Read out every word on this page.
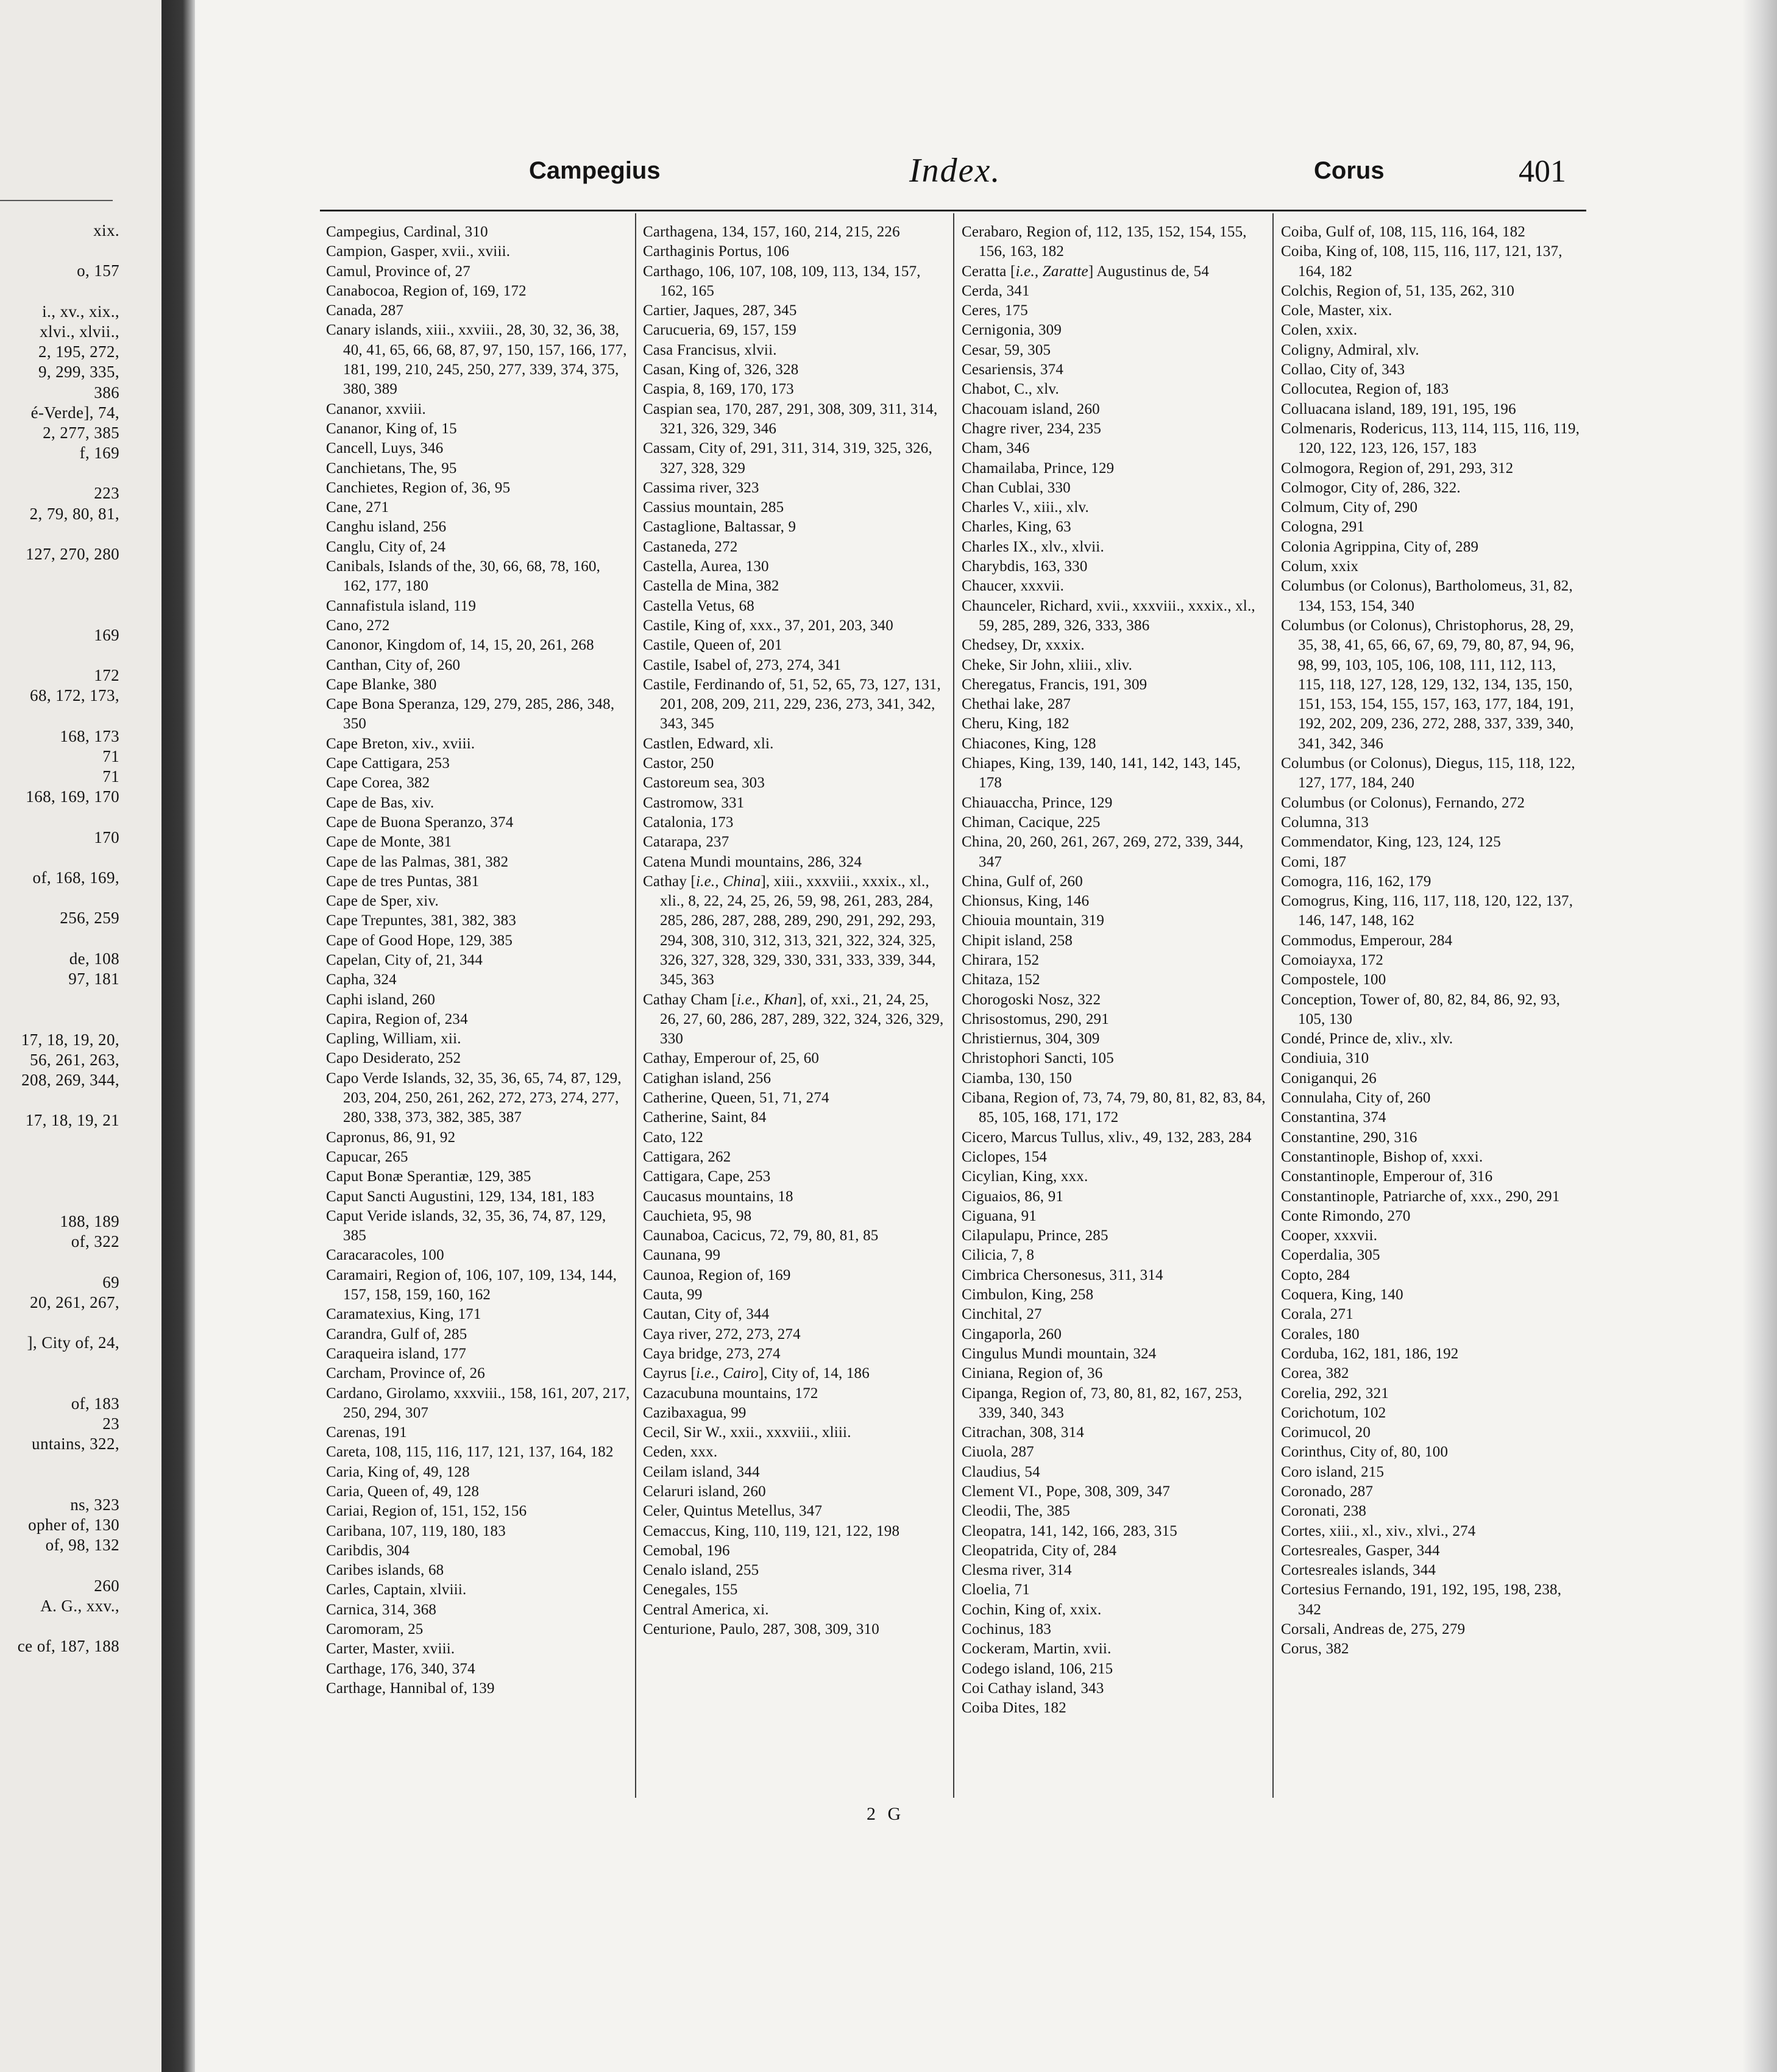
xix.

o, 157

i., xv., xix.,
xlvi., xlvii.,
2, 195, 272,
9, 299, 335,
386
é-Verde], 74,
2, 277, 385
f, 169

223
2, 79, 80, 81,

127, 270, 280

169

172
68, 172, 173,

168, 173
71
71
168, 169, 170

170

of, 168, 169,

256, 259

de, 108
97, 181

17, 18, 19, 20,
56, 261, 263,
208, 269, 344,

17, 18, 19, 21

188, 189
of, 322

69
20, 261, 267,

], City of, 24,

of, 183
23
untains, 322,

ns, 323
opher of, 130
of, 98, 132

260
A. G., xxv.,

ce of, 187, 188
Campegius	Index.	Corus	401

Campegius, Cardinal, 310

Campion, Gasper, xvii., xviii.

Camul, Province of, 27

Canabocoa, Region of, 169, 172

Canada, 287

Canary islands, xiii., xxviii., 28, 30, 32, 36, 38, 40, 41, 65, 66, 68, 87, 97, 150, 157, 166, 177, 181, 199, 210, 245, 250, 277, 339, 374, 375, 380, 389

Cananor, xxviii.

Cananor, King of, 15

Cancell, Luys, 346

Canchietans, The, 95

Canchietes, Region of, 36, 95

Cane, 271

Canghu island, 256

Canglu, City of, 24

Canibals, Islands of the, 30, 66, 68, 78, 160, 162, 177, 180

Cannafistula island, 119

Cano, 272

Canonor, Kingdom of, 14, 15, 20, 261, 268

Canthan, City of, 260

Cape Blanke, 380

Cape Bona Speranza, 129, 279, 285, 286, 348, 350

Cape Breton, xiv., xviii.

Cape Cattigara, 253

Cape Corea, 382

Cape de Bas, xiv.

Cape de Buona Speranzo, 374

Cape de Monte, 381

Cape de las Palmas, 381, 382

Cape de tres Puntas, 381

Cape de Sper, xiv.

Cape Trepuntes, 381, 382, 383

Cape of Good Hope, 129, 385

Capelan, City of, 21, 344

Capha, 324

Caphi island, 260

Capira, Region of, 234

Capling, William, xii.

Capo Desiderato, 252

Capo Verde Islands, 32, 35, 36, 65, 74, 87, 129, 203, 204, 250, 261, 262, 272, 273, 274, 277, 280, 338, 373, 382, 385, 387

Capronus, 86, 91, 92

Capucar, 265

Caput Bonæ Sperantiæ, 129, 385

Caput Sancti Augustini, 129, 134, 181, 183

Caput Veride islands, 32, 35, 36, 74, 87, 129, 385

Caracaracoles, 100

Caramairi, Region of, 106, 107, 109, 134, 144, 157, 158, 159, 160, 162

Caramatexius, King, 171

Carandra, Gulf of, 285

Caraqueira island, 177

Carcham, Province of, 26

Cardano, Girolamo, xxxviii., 158, 161, 207, 217, 250, 294, 307

Carenas, 191

Careta, 108, 115, 116, 117, 121, 137, 164, 182

Caria, King of, 49, 128

Caria, Queen of, 49, 128

Cariai, Region of, 151, 152, 156

Caribana, 107, 119, 180, 183

Caribdis, 304

Caribes islands, 68

Carles, Captain, xlviii.

Carnica, 314, 368

Caromoram, 25

Carter, Master, xviii.

Carthage, 176, 340, 374

Carthage, Hannibal of, 139

Carthagena, 134, 157, 160, 214, 215, 226

Carthaginis Portus, 106

Carthago, 106, 107, 108, 109, 113, 134, 157, 162, 165

Cartier, Jaques, 287, 345

Carucueria, 69, 157, 159

Casa Francisus, xlvii.

Casan, King of, 326, 328

Caspia, 8, 169, 170, 173

Caspian sea, 170, 287, 291, 308, 309, 311, 314, 321, 326, 329, 346

Cassam, City of, 291, 311, 314, 319, 325, 326, 327, 328, 329

Cassima river, 323

Cassius mountain, 285

Castaglione, Baltassar, 9

Castaneda, 272

Castella, Aurea, 130

Castella de Mina, 382

Castella Vetus, 68

Castile, King of, xxx., 37, 201, 203, 340

Castile, Queen of, 201

Castile, Isabel of, 273, 274, 341

Castile, Ferdinando of, 51, 52, 65, 73, 127, 131, 201, 208, 209, 211, 229, 236, 273, 341, 342, 343, 345

Castlen, Edward, xli.

Castor, 250

Castoreum sea, 303

Castromow, 331

Catalonia, 173

Catarapa, 237

Catena Mundi mountains, 286, 324

Cathay [i.e., China], xiii., xxxviii., xxxix., xl., xli., 8, 22, 24, 25, 26, 59, 98, 261, 283, 284, 285, 286, 287, 288, 289, 290, 291, 292, 293, 294, 308, 310, 312, 313, 321, 322, 324, 325, 326, 327, 328, 329, 330, 331, 333, 339, 344, 345, 363

Cathay Cham [i.e., Khan], of, xxi., 21, 24, 25, 26, 27, 60, 286, 287, 289, 322, 324, 326, 329, 330

Cathay, Emperour of, 25, 60

Catighan island, 256

Catherine, Queen, 51, 71, 274

Catherine, Saint, 84

Cato, 122

Cattigara, 262

Cattigara, Cape, 253

Caucasus mountains, 18

Cauchieta, 95, 98

Caunaboa, Cacicus, 72, 79, 80, 81, 85

Caunana, 99

Caunoa, Region of, 169

Cauta, 99

Cautan, City of, 344

Caya river, 272, 273, 274

Caya bridge, 273, 274

Cayrus [i.e., Cairo], City of, 14, 186

Cazacubuna mountains, 172

Cazibaxagua, 99

Cecil, Sir W., xxii., xxxviii., xliii.

Ceden, xxx.

Ceilam island, 344

Celaruri island, 260

Celer, Quintus Metellus, 347

Cemaccus, King, 110, 119, 121, 122, 198

Cemobal, 196

Cenalo island, 255

Cenegales, 155

Central America, xi.

Centurione, Paulo, 287, 308, 309, 310

Cerabaro, Region of, 112, 135, 152, 154, 155, 156, 163, 182

Ceratta [i.e., Zaratte] Augustinus de, 54

Cerda, 341

Ceres, 175

Cernigonia, 309

Cesar, 59, 305

Cesariensis, 374

Chabot, C., xlv.

Chacouam island, 260

Chagre river, 234, 235

Cham, 346

Chamailaba, Prince, 129

Chan Cublai, 330

Charles V., xiii., xlv.

Charles, King, 63

Charles IX., xlv., xlvii.

Charybdis, 163, 330

Chaucer, xxxvii.

Chaunceler, Richard, xvii., xxxviii., xxxix., xl., 59, 285, 289, 326, 333, 386

Chedsey, Dr, xxxix.

Cheke, Sir John, xliii., xliv.

Cheregatus, Francis, 191, 309

Chethai lake, 287

Cheru, King, 182

Chiacones, King, 128

Chiapes, King, 139, 140, 141, 142, 143, 145, 178

Chiauaccha, Prince, 129

Chiman, Cacique, 225

China, 20, 260, 261, 267, 269, 272, 339, 344, 347

China, Gulf of, 260

Chionsus, King, 146

Chiouia mountain, 319

Chipit island, 258

Chirara, 152

Chitaza, 152

Chorogoski Nosz, 322

Chrisostomus, 290, 291

Christiernus, 304, 309

Christophori Sancti, 105

Ciamba, 130, 150

Cibana, Region of, 73, 74, 79, 80, 81, 82, 83, 84, 85, 105, 168, 171, 172

Cicero, Marcus Tullus, xliv., 49, 132, 283, 284

Ciclopes, 154

Cicylian, King, xxx.

Ciguaios, 86, 91

Ciguana, 91

Cilapulapu, Prince, 285

Cilicia, 7, 8

Cimbrica Chersonesus, 311, 314

Cimbulon, King, 258

Cinchital, 27

Cingaporla, 260

Cingulus Mundi mountain, 324

Ciniana, Region of, 36

Cipanga, Region of, 73, 80, 81, 82, 167, 253, 339, 340, 343

Citrachan, 308, 314

Ciuola, 287

Claudius, 54

Clement VI., Pope, 308, 309, 347

Cleodii, The, 385

Cleopatra, 141, 142, 166, 283, 315

Cleopatrida, City of, 284

Clesma river, 314

Cloelia, 71

Cochin, King of, xxix.

Cochinus, 183

Cockeram, Martin, xvii.

Codego island, 106, 215

Coi Cathay island, 343

Coiba Dites, 182

Coiba, Gulf of, 108, 115, 116, 164, 182

Coiba, King of, 108, 115, 116, 117, 121, 137, 164, 182

Colchis, Region of, 51, 135, 262, 310

Cole, Master, xix.

Colen, xxix.

Coligny, Admiral, xlv.

Collao, City of, 343

Collocutea, Region of, 183

Colluacana island, 189, 191, 195, 196

Colmenaris, Rodericus, 113, 114, 115, 116, 119, 120, 122, 123, 126, 157, 183

Colmogora, Region of, 291, 293, 312

Colmogor, City of, 286, 322.

Colmum, City of, 290

Cologna, 291

Colonia Agrippina, City of, 289

Colum, xxix

Columbus (or Colonus), Bartholomeus, 31, 82, 134, 153, 154, 340

Columbus (or Colonus), Christophorus, 28, 29, 35, 38, 41, 65, 66, 67, 69, 79, 80, 87, 94, 96, 98, 99, 103, 105, 106, 108, 111, 112, 113, 115, 118, 127, 128, 129, 132, 134, 135, 150, 151, 153, 154, 155, 157, 163, 177, 184, 191, 192, 202, 209, 236, 272, 288, 337, 339, 340, 341, 342, 346

Columbus (or Colonus), Diegus, 115, 118, 122, 127, 177, 184, 240

Columbus (or Colonus), Fernando, 272

Columna, 313

Commendator, King, 123, 124, 125

Comi, 187

Comogra, 116, 162, 179

Comogrus, King, 116, 117, 118, 120, 122, 137, 146, 147, 148, 162

Commodus, Emperour, 284

Comoiayxa, 172

Compostele, 100

Conception, Tower of, 80, 82, 84, 86, 92, 93, 105, 130

Condé, Prince de, xliv., xlv.

Condiuia, 310

Coniganqui, 26

Connulaha, City of, 260

Constantina, 374

Constantine, 290, 316

Constantinople, Bishop of, xxxi.

Constantinople, Emperour of, 316

Constantinople, Patriarche of, xxx., 290, 291

Conte Rimondo, 270

Cooper, xxxvii.

Coperdalia, 305

Copto, 284

Coquera, King, 140

Corala, 271

Corales, 180

Corduba, 162, 181, 186, 192

Corea, 382

Corelia, 292, 321

Corichotum, 102

Corimucol, 20

Corinthus, City of, 80, 100

Coro island, 215

Coronado, 287

Coronati, 238

Cortes, xiii., xl., xiv., xlvi., 274

Cortesreales, Gasper, 344

Cortesreales islands, 344

Cortesius Fernando, 191, 192, 195, 198, 238, 342

Corsali, Andreas de, 275, 279

Corus, 382

2 G
